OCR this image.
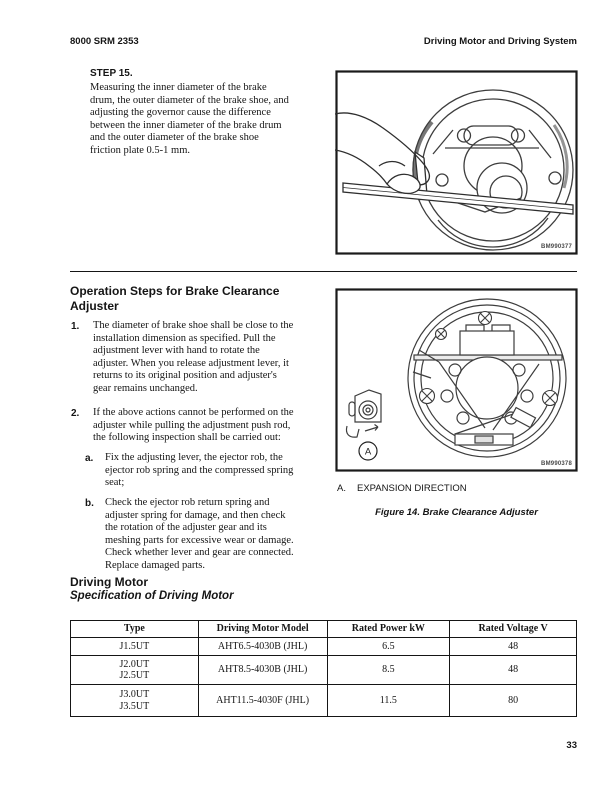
8000 SRM 2353	Driving Motor and Driving System
STEP 15.
Measuring the inner diameter of the brake
drum, the outer diameter of the brake shoe, and
adjusting the governor cause the difference
between the inner diameter of the brake drum
and the outer diameter of the brake shoe
friction plate 0.5-1 mm.
BM990377
Operation Steps for Brake Clearance
Adjuster
1.	The diameter of brake shoe shall be close to the
installation dimension as specified. Pull the
adjustment lever with hand to rotate the
adjuster. When you release adjustment lever, it
returns to its original position and adjuster's
gear remains unchanged.
2.	If the above actions cannot be performed on the
adjuster while pulling the adjustment push rod,
the following inspection shall be carried out:
a.	Fix the adjusting lever, the ejector rob, the
ejector rob spring and the compressed spring
seat;
b.	Check the ejector rob return spring and
adjuster spring for damage, and then check
the rotation of the adjuster gear and its
meshing parts for excessive wear or damage.
Check whether lever and gear are connected.
Replace damaged parts.
A
BM990378
A.	EXPANSION DIRECTION
Figure 14. Brake Clearance Adjuster
Driving Motor
Specification of Driving Motor
Type	Driving Motor Model	Rated Power kW	Rated Voltage V
J1.5UT	AHT6.5-4030B (JHL)	6.5	48
J2.0UT
J2.5UT	AHT8.5-4030B (JHL)	8.5	48
J3.0UT
J3.5UT	AHT11.5-4030F (JHL)	11.5	80
33
